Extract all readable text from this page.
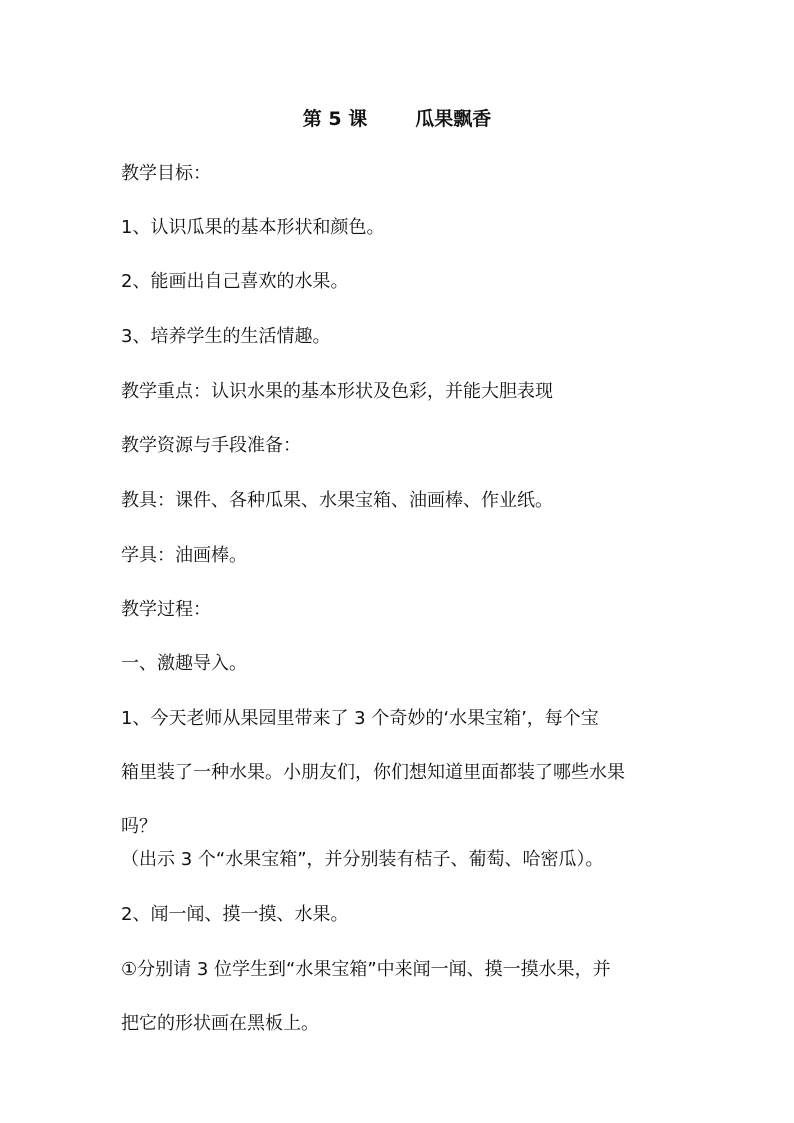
第 5 课	瓜果飘香
教学目标：
1、认识瓜果的基本形状和颜色。
2、能画出自己喜欢的水果。
3、培养学生的生活情趣。
教学重点：认识水果的基本形状及色彩，并能大胆表现
教学资源与手段准备：
教具：课件、各种瓜果、水果宝箱、油画棒、作业纸。
学具：油画棒。
教学过程：
一、激趣导入。
1、今天老师从果园里带来了 3 个奇妙的‘水果宝箱’，每个宝
箱里装了一种水果。小朋友们，你们想知道里面都装了哪些水果
吗？
（出示 3 个“水果宝箱”，并分别装有桔子、葡萄、哈密瓜）。
2、闻一闻、摸一摸、水果。
①分别请 3 位学生到“水果宝箱”中来闻一闻、摸一摸水果，并
把它的形状画在黑板上。
